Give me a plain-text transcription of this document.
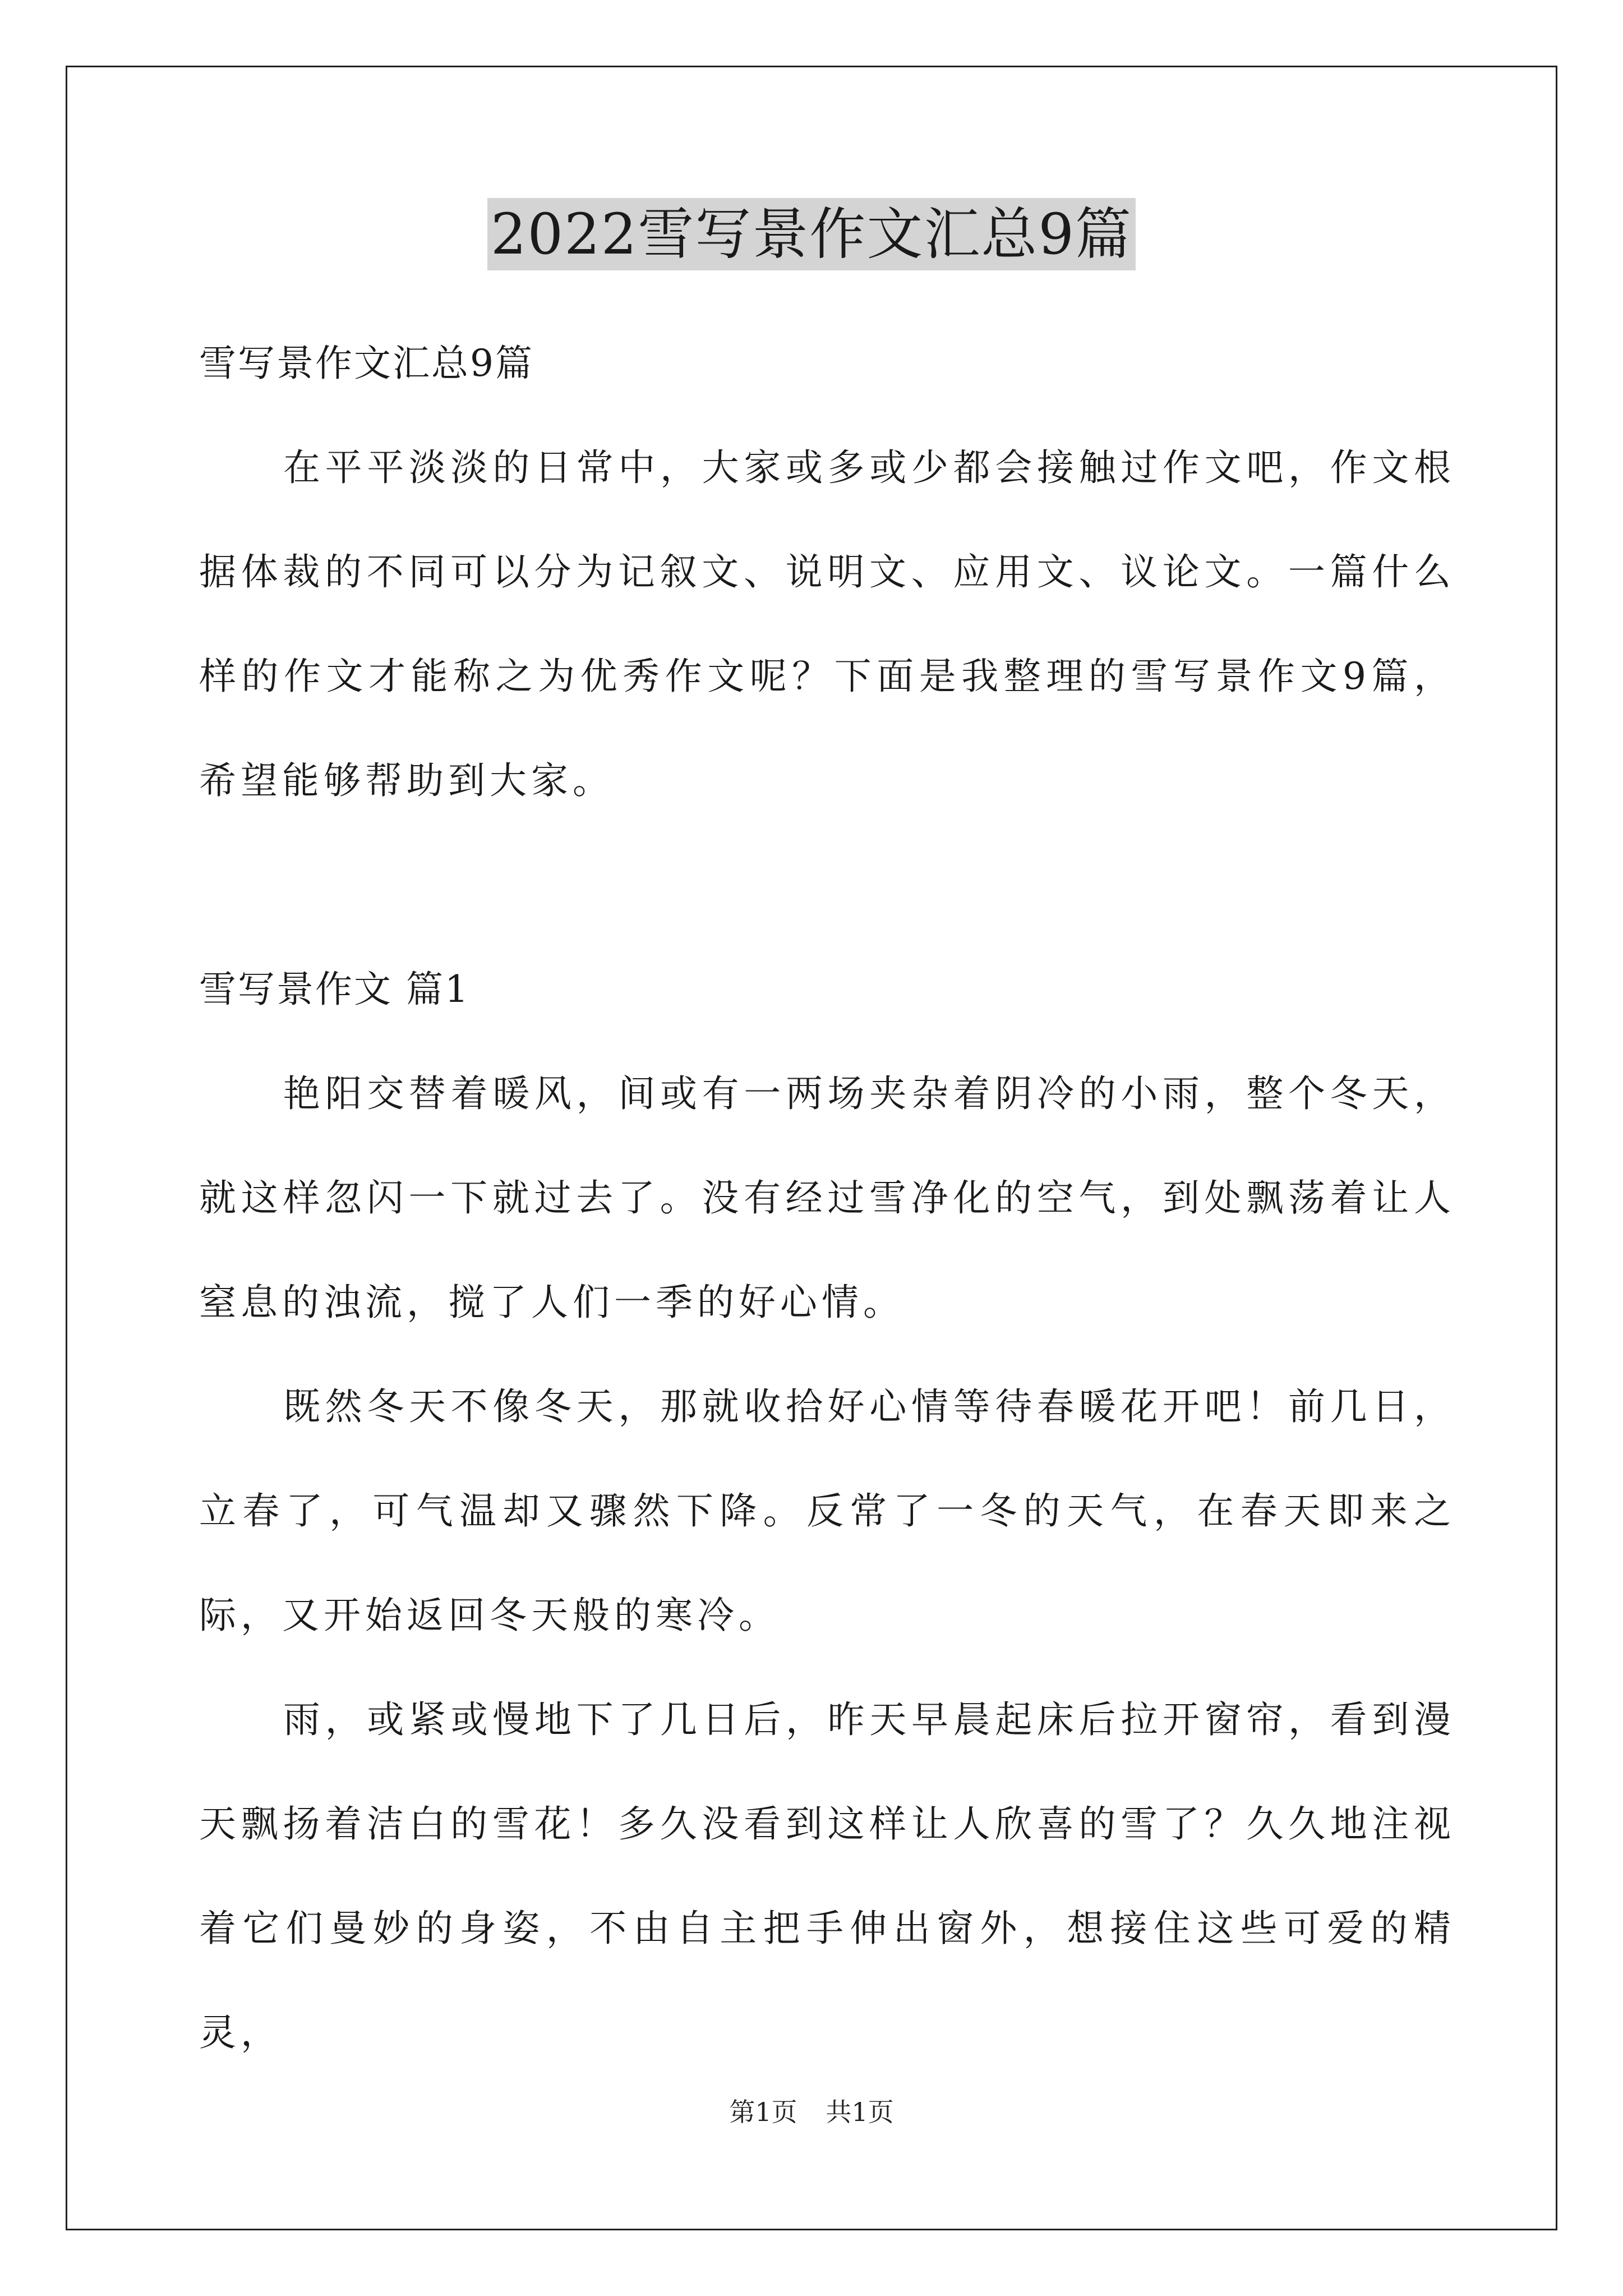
2022雪写景作文汇总9篇

雪写景作文汇总9篇

在平平淡淡的日常中，大家或多或少都会接触过作文吧，作文根据体裁的不同可以分为记叙文、说明文、应用文、议论文。一篇什么样的作文才能称之为优秀作文呢？下面是我整理的雪写景作文9篇，希望能够帮助到大家。

雪写景作文 篇1

艳阳交替着暖风，间或有一两场夹杂着阴冷的小雨，整个冬天，就这样忽闪一下就过去了。没有经过雪净化的空气，到处飘荡着让人窒息的浊流，搅了人们一季的好心情。

既然冬天不像冬天，那就收拾好心情等待春暖花开吧！前几日，立春了，可气温却又骤然下降。反常了一冬的天气，在春天即来之际，又开始返回冬天般的寒冷。

雨，或紧或慢地下了几日后，昨天早晨起床后拉开窗帘，看到漫天飘扬着洁白的雪花！多久没看到这样让人欣喜的雪了？久久地注视着它们曼妙的身姿，不由自主把手伸出窗外，想接住这些可爱的精灵，

第1页 共1页
